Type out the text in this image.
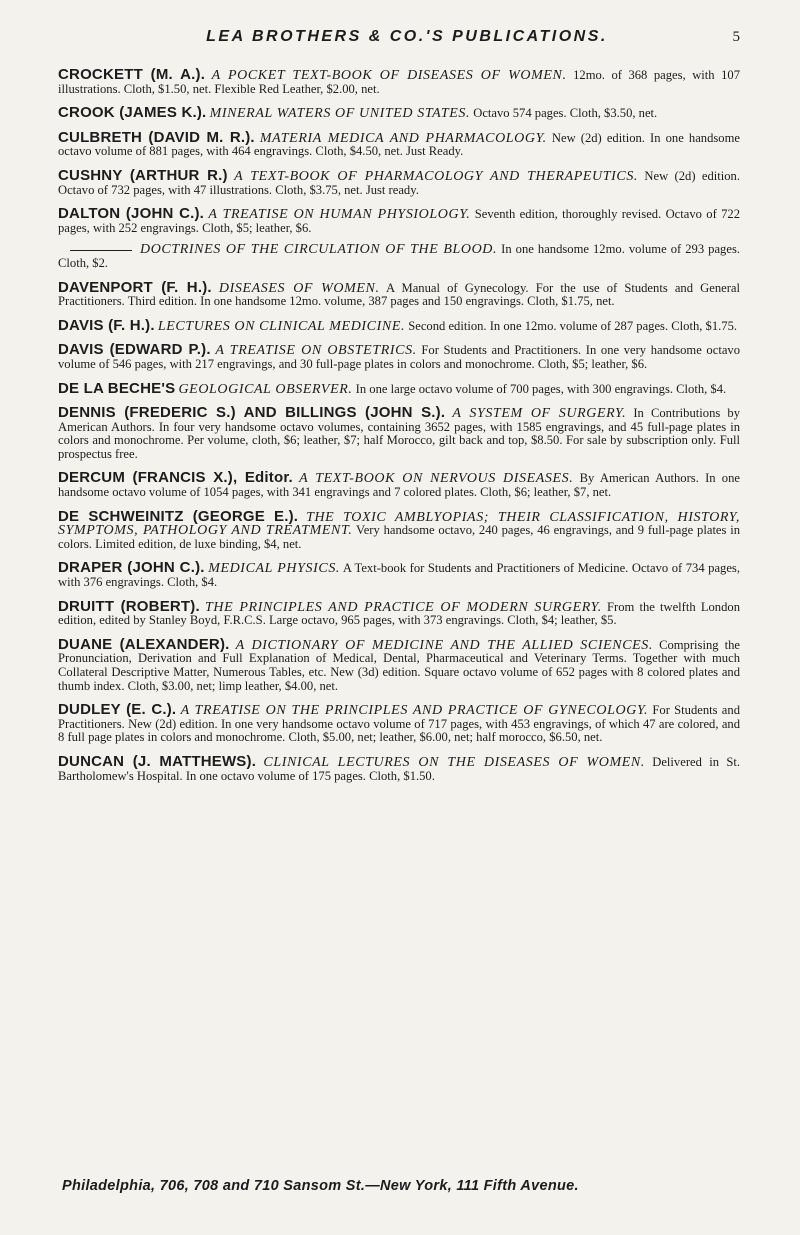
LEA BROTHERS & CO.'S PUBLICATIONS.	5
CROCKETT (M. A.). A POCKET TEXT-BOOK OF DISEASES OF WOMEN. 12mo. of 368 pages, with 107 illustrations. Cloth, $1.50, net. Flexible Red Leather, $2.00, net.
CROOK (JAMES K.). MINERAL WATERS OF UNITED STATES. Octavo 574 pages. Cloth, $3.50, net.
CULBRETH (DAVID M. R.). MATERIA MEDICA AND PHARMACOLOGY. New (2d) edition. In one handsome octavo volume of 881 pages, with 464 engravings. Cloth, $4.50, net. Just Ready.
CUSHNY (ARTHUR R.) A TEXT-BOOK OF PHARMACOLOGY AND THERAPEUTICS. New (2d) edition. Octavo of 732 pages, with 47 illustrations. Cloth, $3.75, net. Just ready.
DALTON (JOHN C.). A TREATISE ON HUMAN PHYSIOLOGY. Seventh edition, thoroughly revised. Octavo of 722 pages, with 252 engravings. Cloth, $5; leather, $6.
DOCTRINES OF THE CIRCULATION OF THE BLOOD. In one handsome 12mo. volume of 293 pages. Cloth, $2.
DAVENPORT (F. H.). DISEASES OF WOMEN. A Manual of Gynecology. For the use of Students and General Practitioners. Third edition. In one handsome 12mo. volume, 387 pages and 150 engravings. Cloth, $1.75, net.
DAVIS (F. H.). LECTURES ON CLINICAL MEDICINE. Second edition. In one 12mo. volume of 287 pages. Cloth, $1.75.
DAVIS (EDWARD P.). A TREATISE ON OBSTETRICS. For Students and Practitioners. In one very handsome octavo volume of 546 pages, with 217 engravings, and 30 full-page plates in colors and monochrome. Cloth, $5; leather, $6.
DE LA BECHE'S GEOLOGICAL OBSERVER. In one large octavo volume of 700 pages, with 300 engravings. Cloth, $4.
DENNIS (FREDERIC S.) AND BILLINGS (JOHN S.). A SYSTEM OF SURGERY. In Contributions by American Authors. In four very handsome octavo volumes, containing 3652 pages, with 1585 engravings, and 45 full-page plates in colors and monochrome. Per volume, cloth, $6; leather, $7; half Morocco, gilt back and top, $8.50. For sale by subscription only. Full prospectus free.
DERCUM (FRANCIS X.), Editor. A TEXT-BOOK ON NERVOUS DISEASES. By American Authors. In one handsome octavo volume of 1054 pages, with 341 engravings and 7 colored plates. Cloth, $6; leather, $7, net.
DE SCHWEINITZ (GEORGE E.). THE TOXIC AMBLYOPIAS; THEIR CLASSIFICATION, HISTORY, SYMPTOMS, PATHOLOGY AND TREATMENT. Very handsome octavo, 240 pages, 46 engravings, and 9 full-page plates in colors. Limited edition, de luxe binding, $4, net.
DRAPER (JOHN C.). MEDICAL PHYSICS. A Text-book for Students and Practitioners of Medicine. Octavo of 734 pages, with 376 engravings. Cloth, $4.
DRUITT (ROBERT). THE PRINCIPLES AND PRACTICE OF MODERN SURGERY. From the twelfth London edition, edited by Stanley Boyd, F.R.C.S. Large octavo, 965 pages, with 373 engravings. Cloth, $4; leather, $5.
DUANE (ALEXANDER). A DICTIONARY OF MEDICINE AND THE ALLIED SCIENCES. Comprising the Pronunciation, Derivation and Full Explanation of Medical, Dental, Pharmaceutical and Veterinary Terms. Together with much Collateral Descriptive Matter, Numerous Tables, etc. New (3d) edition. Square octavo volume of 652 pages with 8 colored plates and thumb index. Cloth, $3.00, net; limp leather, $4.00, net.
DUDLEY (E. C.). A TREATISE ON THE PRINCIPLES AND PRACTICE OF GYNECOLOGY. For Students and Practitioners. New (2d) edition. In one very handsome octavo volume of 717 pages, with 453 engravings, of which 47 are colored, and 8 full page plates in colors and monochrome. Cloth, $5.00, net; leather, $6.00, net; half morocco, $6.50, net.
DUNCAN (J. MATTHEWS). CLINICAL LECTURES ON THE DISEASES OF WOMEN. Delivered in St. Bartholomew's Hospital. In one octavo volume of 175 pages. Cloth, $1.50.
Philadelphia, 706, 708 and 710 Sansom St.—New York, 111 Fifth Avenue.
